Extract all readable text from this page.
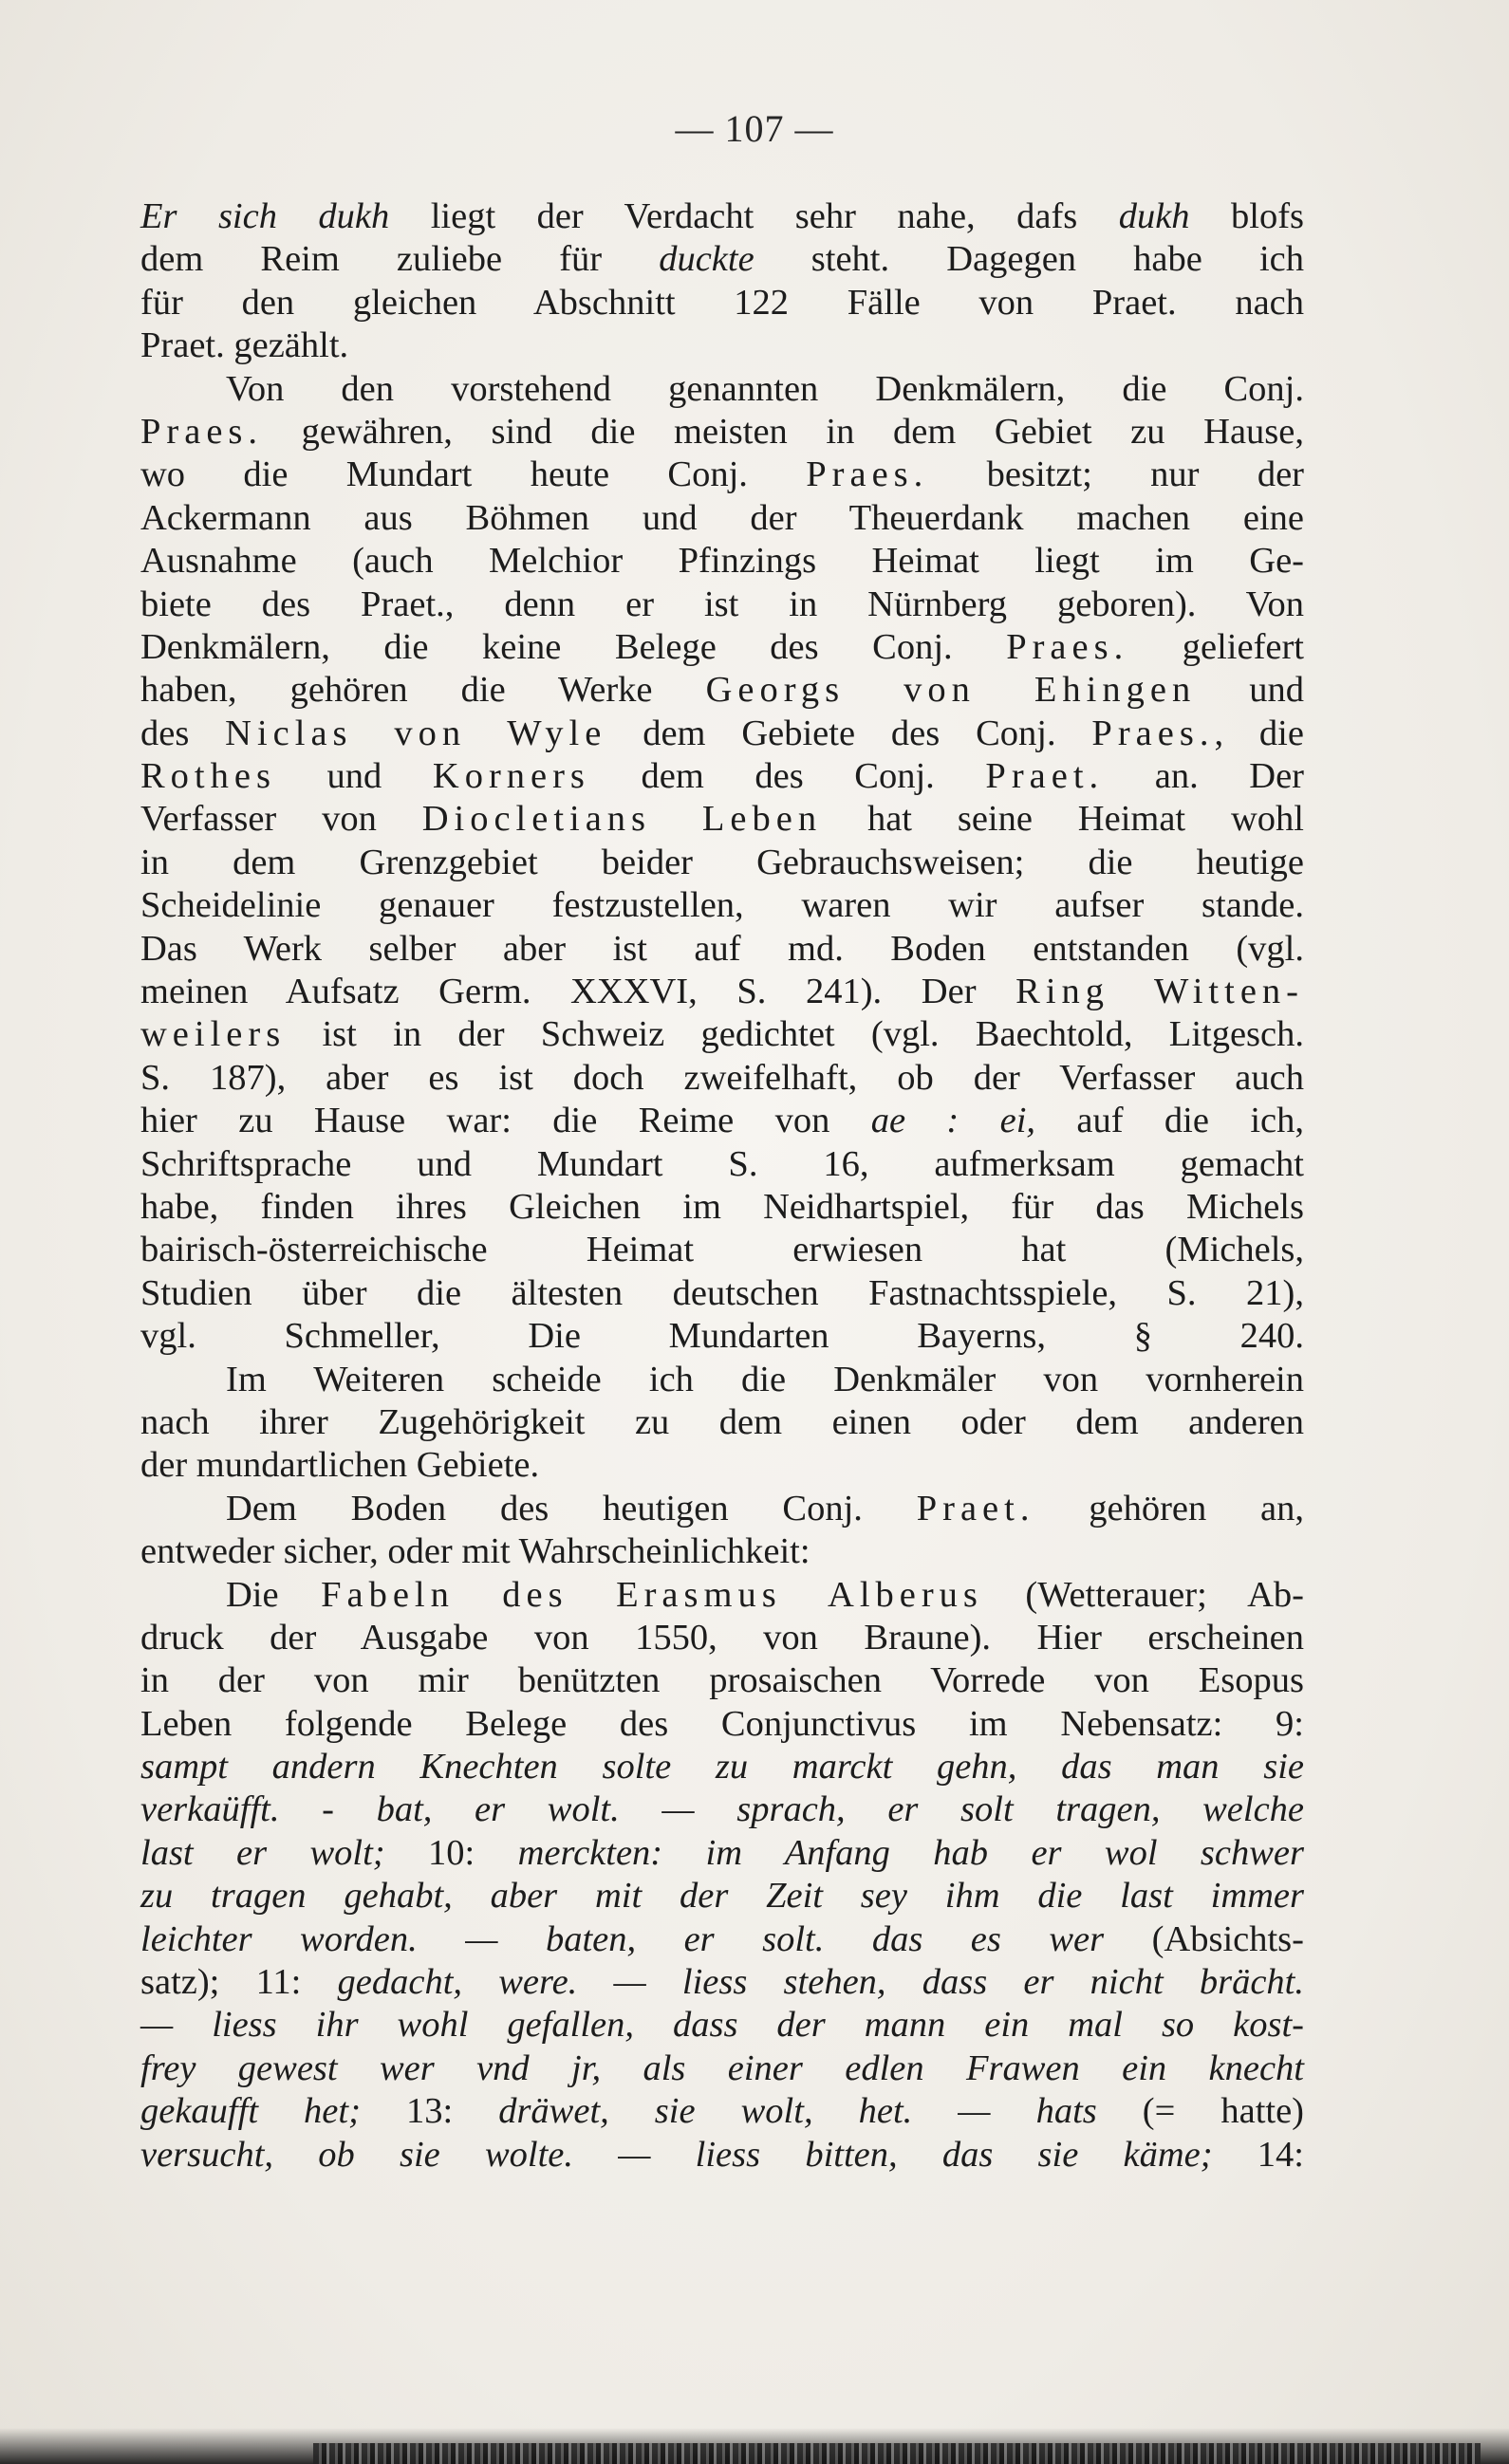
— 107 —
Er sich dukh liegt der Verdacht sehr nahe, dafs dukh blofs
dem Reim zuliebe für duckte steht. Dagegen habe ich
für den gleichen Abschnitt 122 Fälle von Praet. nach
Praet. gezählt.
Von den vorstehend genannten Denkmälern, die Conj.
Praes. gewähren, sind die meisten in dem Gebiet zu Hause,
wo die Mundart heute Conj. Praes. besitzt; nur der
Ackermann aus Böhmen und der Theuerdank machen eine
Ausnahme (auch Melchior Pfinzings Heimat liegt im Ge-
biete des Praet., denn er ist in Nürnberg geboren). Von
Denkmälern, die keine Belege des Conj. Praes. geliefert
haben, gehören die Werke Georgs von Ehingen und
des Niclas von Wyle dem Gebiete des Conj. Praes., die
Rothes und Korners dem des Conj. Praet. an. Der
Verfasser von Diocletians Leben hat seine Heimat wohl
in dem Grenzgebiet beider Gebrauchsweisen; die heutige
Scheidelinie genauer festzustellen, waren wir aufser stande.
Das Werk selber aber ist auf md. Boden entstanden (vgl.
meinen Aufsatz Germ. XXXVI, S. 241). Der Ring Witten-
weilers ist in der Schweiz gedichtet (vgl. Baechtold, Litgesch.
S. 187), aber es ist doch zweifelhaft, ob der Verfasser auch
hier zu Hause war: die Reime von ae : ei, auf die ich,
Schriftsprache und Mundart S. 16, aufmerksam gemacht
habe, finden ihres Gleichen im Neidhartspiel, für das Michels
bairisch-österreichische Heimat erwiesen hat (Michels,
Studien über die ältesten deutschen Fastnachtsspiele, S. 21),
vgl. Schmeller, Die Mundarten Bayerns, § 240.
Im Weiteren scheide ich die Denkmäler von vornherein
nach ihrer Zugehörigkeit zu dem einen oder dem anderen
der mundartlichen Gebiete.
Dem Boden des heutigen Conj. Praet. gehören an,
entweder sicher, oder mit Wahrscheinlichkeit:
Die Fabeln des Erasmus Alberus (Wetterauer; Ab-
druck der Ausgabe von 1550, von Braune). Hier erscheinen
in der von mir benützten prosaischen Vorrede von Esopus
Leben folgende Belege des Conjunctivus im Nebensatz: 9:
sampt andern Knechten solte zu marckt gehn, das man sie
verkaüfft. - bat, er wolt. — sprach, er solt tragen, welche
last er wolt; 10: merckten: im Anfang hab er wol schwer
zu tragen gehabt, aber mit der Zeit sey ihm die last immer
leichter worden. — baten, er solt. das es wer (Absichts-
satz); 11: gedacht, were. — liess stehen, dass er nicht brächt.
— liess ihr wohl gefallen, dass der mann ein mal so kost-
frey gewest wer vnd jr, als einer edlen Frawen ein knecht
gekaufft het; 13: dräwet, sie wolt, het. — hats (= hatte)
versucht, ob sie wolte. — liess bitten, das sie käme; 14:
